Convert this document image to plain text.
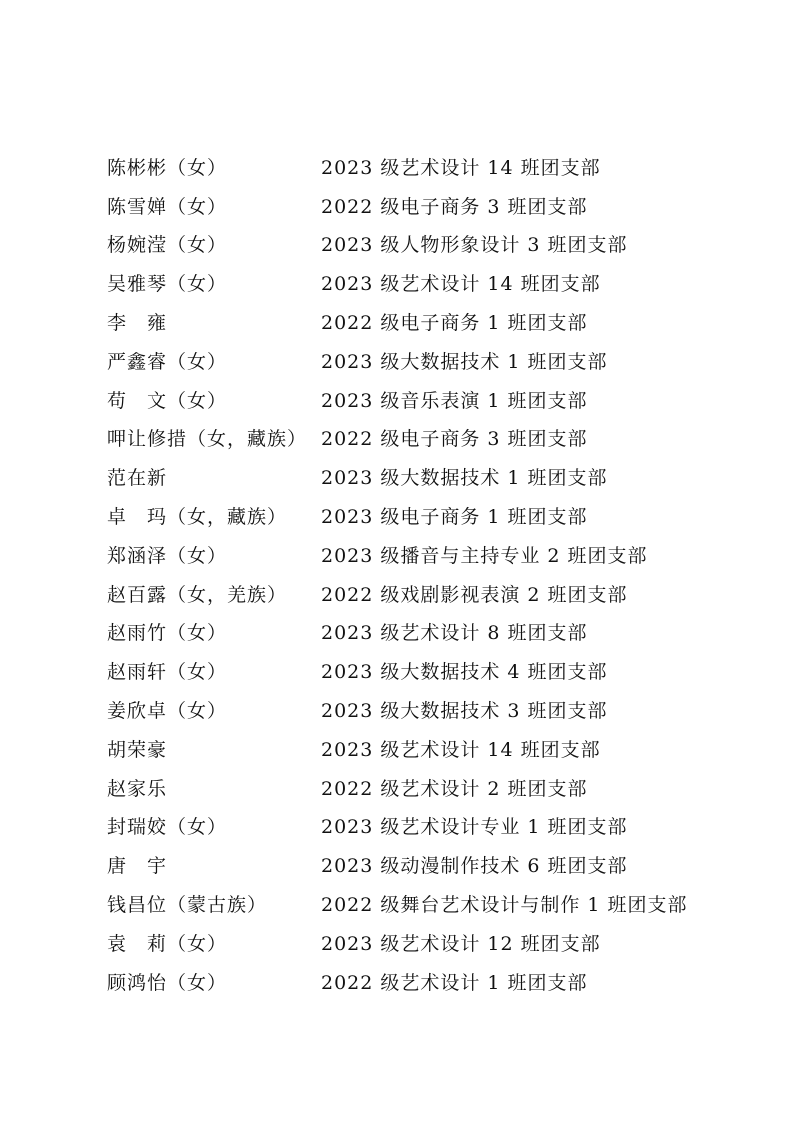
陈彬彬（女）	2023 级艺术设计 14 班团支部
陈雪婵（女）	2022 级电子商务 3 班团支部
杨婉滢（女）	2023 级人物形象设计 3 班团支部
吴雅琴（女）	2023 级艺术设计 14 班团支部
李　雍	2022 级电子商务 1 班团支部
严鑫睿（女）	2023 级大数据技术 1 班团支部
苟　文（女）	2023 级音乐表演 1 班团支部
呷让修措（女，藏族） 2022 级电子商务 3 班团支部
范在新	2023 级大数据技术 1 班团支部
卓　玛（女，藏族）	2023 级电子商务 1 班团支部
郑涵泽（女）	2023 级播音与主持专业 2 班团支部
赵百露（女，羌族）	2022 级戏剧影视表演 2 班团支部
赵雨竹（女）	2023 级艺术设计 8 班团支部
赵雨轩（女）	2023 级大数据技术 4 班团支部
姜欣卓（女）	2023 级大数据技术 3 班团支部
胡荣豪	2023 级艺术设计 14 班团支部
赵家乐	2022 级艺术设计 2 班团支部
封瑞姣（女）	2023 级艺术设计专业 1 班团支部
唐　宇	2023 级动漫制作技术 6 班团支部
钱昌位（蒙古族）	2022 级舞台艺术设计与制作 1 班团支部
袁　莉（女）	2023 级艺术设计 12 班团支部
顾鸿怡（女）	2022 级艺术设计 1 班团支部
